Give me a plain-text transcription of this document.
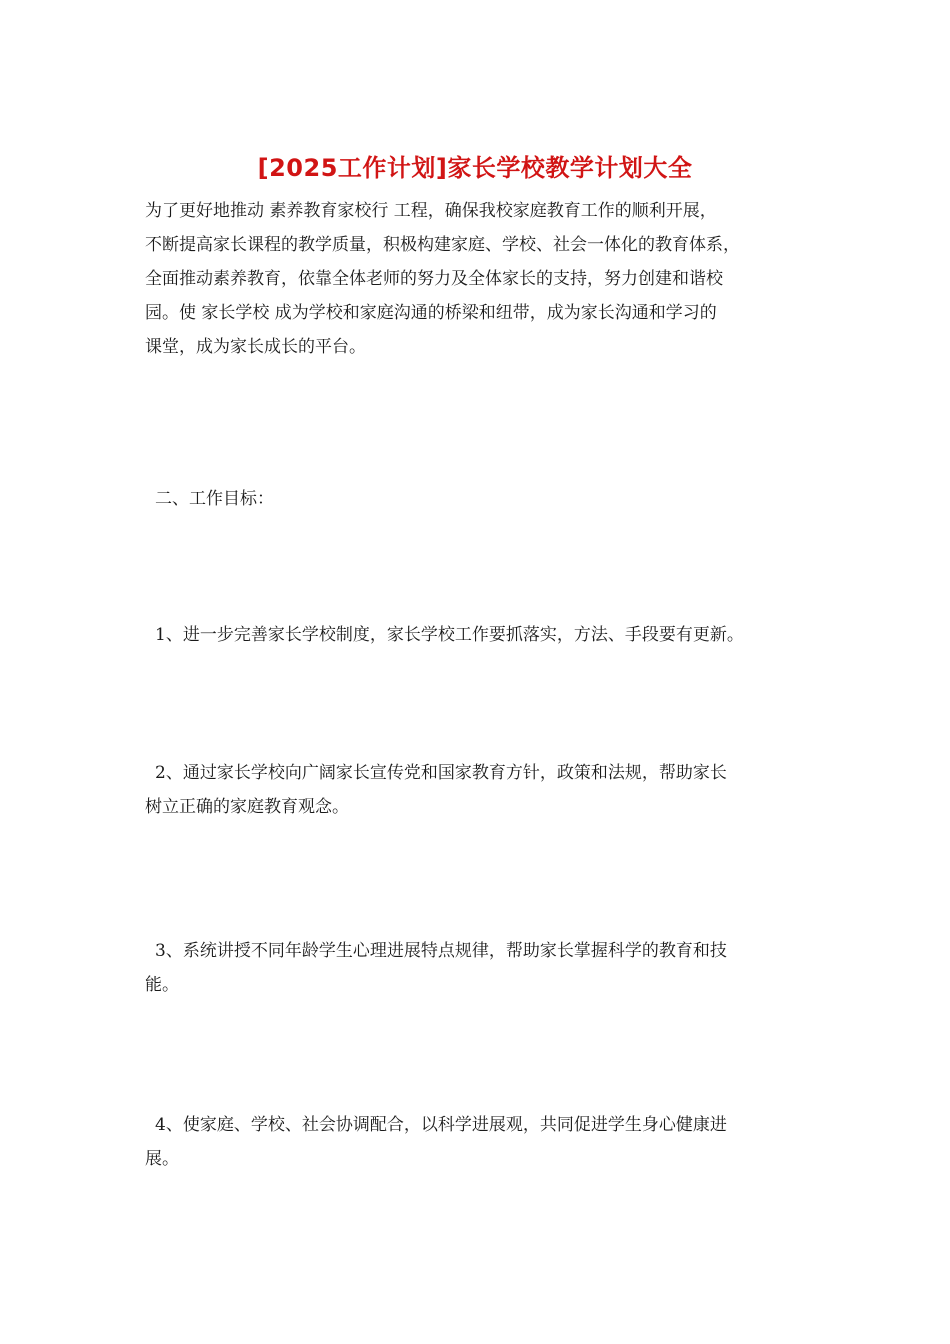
[2025工作计划]家长学校教学计划大全
为了更好地推动 素养教育家校行 工程，确保我校家庭教育工作的顺利开展，
不断提高家长课程的教学质量，积极构建家庭、学校、社会一体化的教育体系，
全面推动素养教育，依靠全体老师的努力及全体家长的支持，努力创建和谐校
园。使 家长学校 成为学校和家庭沟通的桥梁和纽带，成为家长沟通和学习的
课堂，成为家长成长的平台。
二、工作目标：
1、进一步完善家长学校制度，家长学校工作要抓落实，方法、手段要有更新。
2、通过家长学校向广阔家长宣传党和国家教育方针，政策和法规，帮助家长
树立正确的家庭教育观念。
3、系统讲授不同年龄学生心理进展特点规律，帮助家长掌握科学的教育和技
能。
4、使家庭、学校、社会协调配合，以科学进展观，共同促进学生身心健康进
展。
